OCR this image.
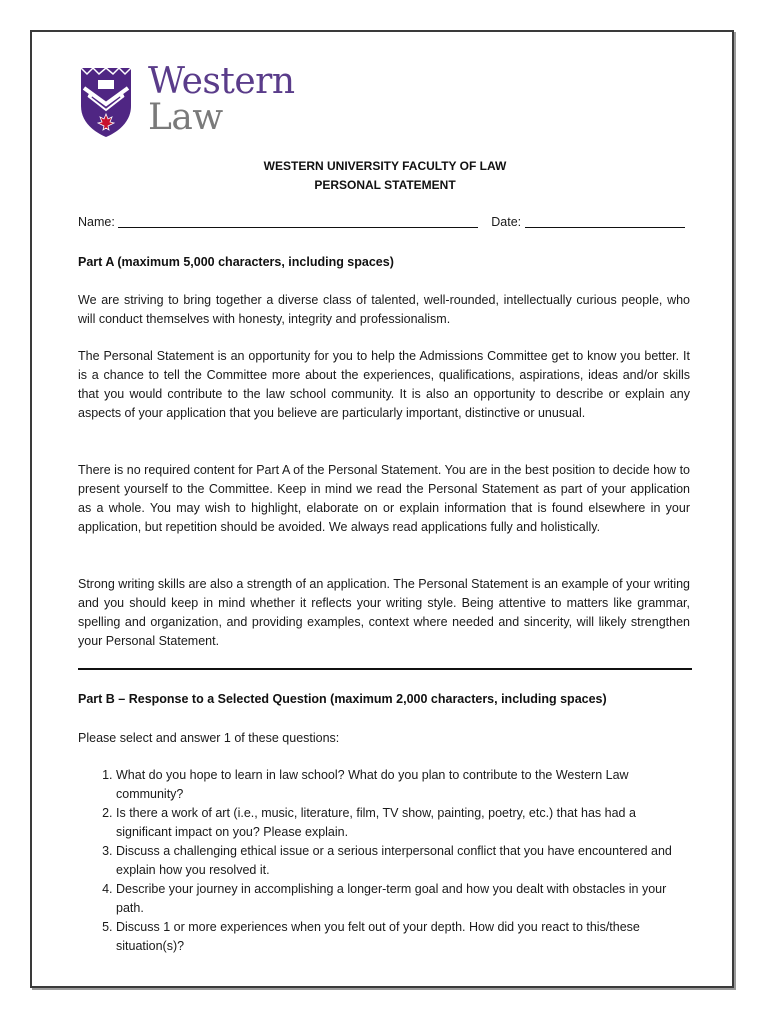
Western
Law
WESTERN UNIVERSITY FACULTY OF LAW
PERSONAL STATEMENT
Name:	Date:
Part A (maximum 5,000 characters, including spaces)
We are striving to bring together a diverse class of talented, well-rounded, intellectually curious people, who will conduct themselves with honesty, integrity and professionalism.
The Personal Statement is an opportunity for you to help the Admissions Committee get to know you better. It is a chance to tell the Committee more about the experiences, qualifications, aspirations, ideas and/or skills that you would contribute to the law school community. It is also an opportunity to describe or explain any aspects of your application that you believe are particularly important, distinctive or unusual.
There is no required content for Part A of the Personal Statement. You are in the best position to decide how to present yourself to the Committee. Keep in mind we read the Personal Statement as part of your application as a whole. You may wish to highlight, elaborate on or explain information that is found elsewhere in your application, but repetition should be avoided. We always read applications fully and holistically.
Strong writing skills are also a strength of an application. The Personal Statement is an example of your writing and you should keep in mind whether it reflects your writing style. Being attentive to matters like grammar, spelling and organization, and providing examples, context where needed and sincerity, will likely strengthen your Personal Statement.
Part B – Response to a Selected Question (maximum 2,000 characters, including spaces)
Please select and answer 1 of these questions:
1. What do you hope to learn in law school? What do you plan to contribute to the Western Law community?
2. Is there a work of art (i.e., music, literature, film, TV show, painting, poetry, etc.) that has had a significant impact on you? Please explain.
3. Discuss a challenging ethical issue or a serious interpersonal conflict that you have encountered and explain how you resolved it.
4. Describe your journey in accomplishing a longer-term goal and how you dealt with obstacles in your path.
5. Discuss 1 or more experiences when you felt out of your depth. How did you react to this/these situation(s)?
